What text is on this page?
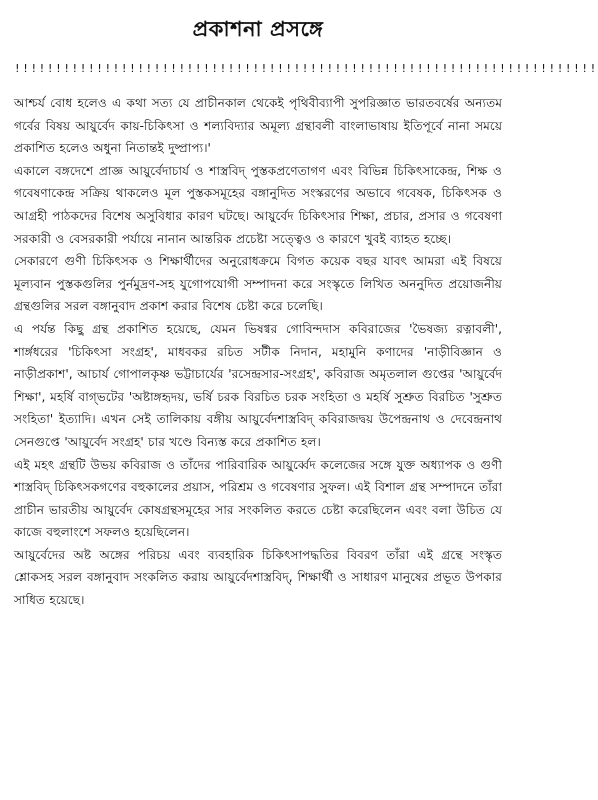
প্রকাশনা প্রসঙ্গে
!!!!!!!!!!!!!!!!!!!!!!!!!!!!!!!!!!!!!!!!!!!!!!!!!!!!!!!!!!!!!!!!!!!!!!!

আশ্চর্য বোধ হলেও এ কথা সত্য যে প্রাচীনকাল থেকেই পৃথিবীব্যাপী সুপরিজ্ঞাত ভারতবর্ষের অন্যতম গর্বের বিষয় আয়ুর্বেদ কায়-চিকিৎসা ও শল্যবিদ্যার অমূল্য গ্রন্থাবলী বাংলাভাষায় ইতিপূর্বে নানা সময়ে প্রকাশিত হলেও অধুনা নিতান্তই দুষ্প্রাপ্য।'

একালে বঙ্গদেশে প্রাজ্ঞ আয়ুর্বেদাচার্য ও শাস্ত্রবিদ্‌ পুস্তকপ্রণেতাগণ এবং বিভিন্ন চিকিৎসাকেন্দ্র, শিক্ষ ও গবেষণাকেন্দ্র সক্রিয় থাকলেও মূল পুস্তকসমূহের বঙ্গানুদিত সংস্করণের অভাবে গবেষক, চিকিৎসক ও আগ্রহী পাঠকদের বিশেষ অসুবিধার কারণ ঘটছে। আয়ুর্বেদ চিকিৎসার শিক্ষা, প্রচার, প্রসার ও গবেষণা সরকারী ও বেসরকারী পর্যায়ে নানান আন্তরিক প্রচেষ্টা সত্ত্বেও ও কারণে খুবই ব্যাহত হচ্ছে।

সেকারণে গুণী চিকিৎসক ও শিক্ষার্থীদের অনুরোধক্রমে বিগত কয়েক বছর যাবৎ আমরা এই বিষয়ে মূল্যবান পুস্তকগুলির পুর্নমুদ্রণ-সহ যুগোপযোগী সম্পাদনা করে সংস্কৃতে লিখিত অননুদিত প্রয়োজনীয় গ্রন্থগুলির সরল বঙ্গানুবাদ প্রকাশ করার বিশেষ চেষ্টা করে চলেছি।

এ পর্যন্ত কিছু গ্রন্থ প্রকাশিত হয়েছে, যেমন ভিষগ্বর গোবিন্দদাস কবিরাজের 'ভৈষজ্য রত্নাবলী', শার্ঙ্গধরের 'চিকিৎসা সংগ্রহ', মাধবকর রচিত সটীক নিদান, মহামুনি কণাদের 'নাড়ীবিজ্ঞান ও নাড়ীপ্রকাশ', আচার্য গোপালকৃষ্ণ ভট্টাচার্যের 'রসেন্দ্রসার-সংগ্রহ', কবিরাজ অমৃতলাল গুপ্তের 'আয়ুর্বেদ শিক্ষা', মহর্ষি বাগ্‌ভটের 'অষ্টাঙ্গহৃদয়, ভর্ষি চরক বিরচিত চরক সংহিতা ও মহর্ষি সুশ্রুত বিরচিত 'সুশ্রুত সংহিতা' ইত্যাদি। এখন সেই তালিকায় বঙ্গীয় আয়ুর্বেদশাস্ত্রবিদ্‌ কবিরাজদ্বয় উপেন্দ্রনাথ ও দেবেন্দ্রনাথ সেনগুপ্তে 'আয়ুর্বেদ সংগ্রহ' চার খণ্ডে বিন্যস্ত করে প্রকাশিত হল।

এই মহৎ গ্রন্থটি উভয় কবিরাজ ও তাঁদের পারিবারিক আয়ুর্ব্বেদ কলেজের সঙ্গে যুক্ত অধ্যাপক ও গুণী শাস্ত্রবিদ্‌ চিকিৎসকগণের বহুকালের প্রয়াস, পরিশ্রম ও গবেষণার সুফল। এই বিশাল গ্রন্থ সম্পাদনে তাঁরা প্রাচীন ভারতীয় আয়ুর্বেদ কোষগ্রন্থসমূহের সার সংকলিত করতে চেষ্টা করেছিলেন এবং বলা উচিত যে কাজে বহুলাংশে সফলও হয়েছিলেন।

আয়ুর্বেদের অষ্ট অঙ্গের পরিচয় এবং ব্যবহারিক চিকিৎসাপদ্ধতির বিবরণ তাঁরা এই গ্রন্থে সংস্কৃত শ্লোকসহ সরল বঙ্গানুবাদ সংকলিত করায় আয়ুর্বেদশাস্ত্রবিদ্‌, শিক্ষার্থী ও সাধারণ মানুষের প্রভূত উপকার সাধিত হয়েছে।
